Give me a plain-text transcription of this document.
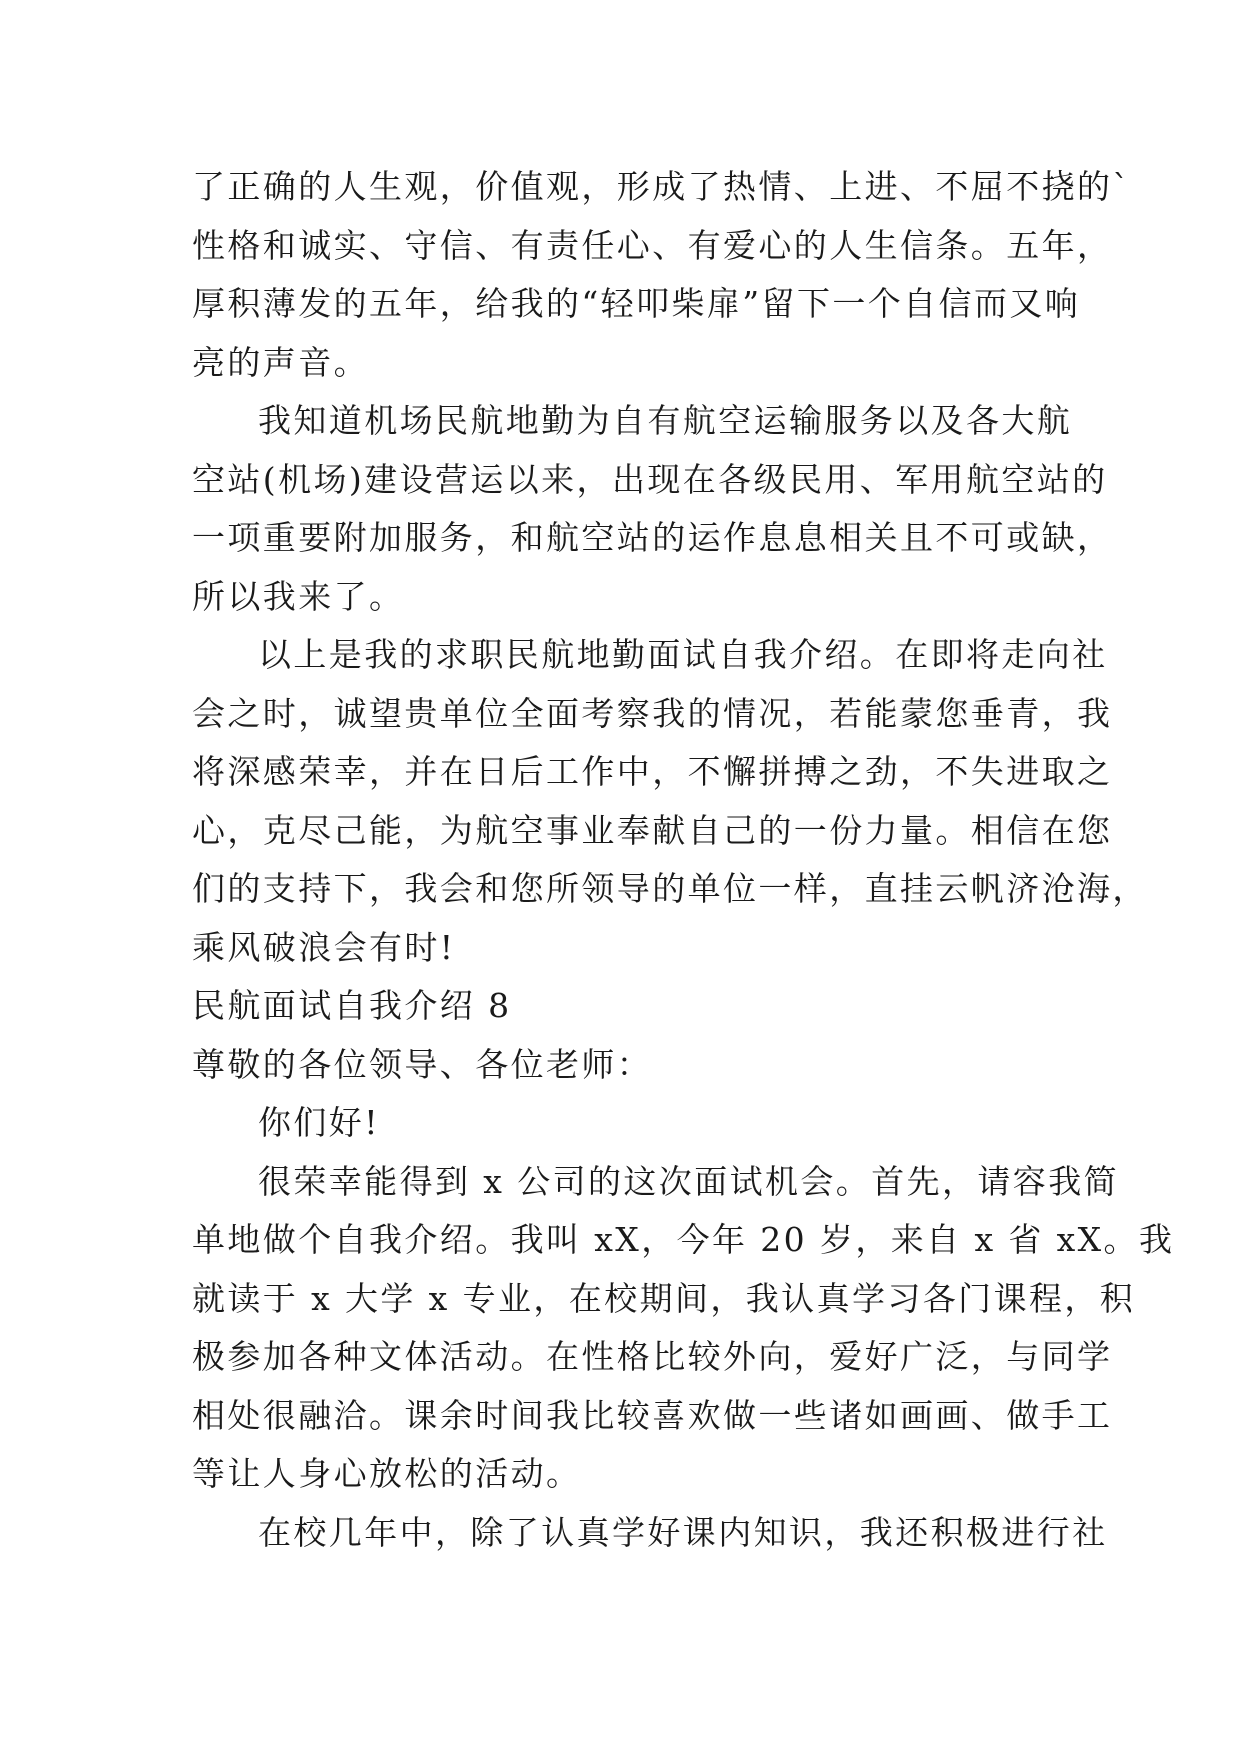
了正确的人生观，价值观，形成了热情、上进、不屈不挠的`
性格和诚实、守信、有责任心、有爱心的人生信条。五年，
厚积薄发的五年，给我的“轻叩柴扉”留下一个自信而又响
亮的声音。
我知道机场民航地勤为自有航空运输服务以及各大航
空站(机场)建设营运以来，出现在各级民用、军用航空站的
一项重要附加服务，和航空站的运作息息相关且不可或缺，
所以我来了。
以上是我的求职民航地勤面试自我介绍。在即将走向社
会之时，诚望贵单位全面考察我的情况，若能蒙您垂青，我
将深感荣幸，并在日后工作中，不懈拼搏之劲，不失进取之
心，克尽己能，为航空事业奉献自己的一份力量。相信在您
们的支持下，我会和您所领导的单位一样，直挂云帆济沧海，
乘风破浪会有时!
民航面试自我介绍 8
尊敬的各位领导、各位老师：
你们好!
很荣幸能得到 x 公司的这次面试机会。首先，请容我简
单地做个自我介绍。我叫 xX，今年 20 岁，来自 x 省 xX。我
就读于 x 大学 x 专业，在校期间，我认真学习各门课程，积
极参加各种文体活动。在性格比较外向，爱好广泛，与同学
相处很融洽。课余时间我比较喜欢做一些诸如画画、做手工
等让人身心放松的活动。
在校几年中，除了认真学好课内知识，我还积极进行社
